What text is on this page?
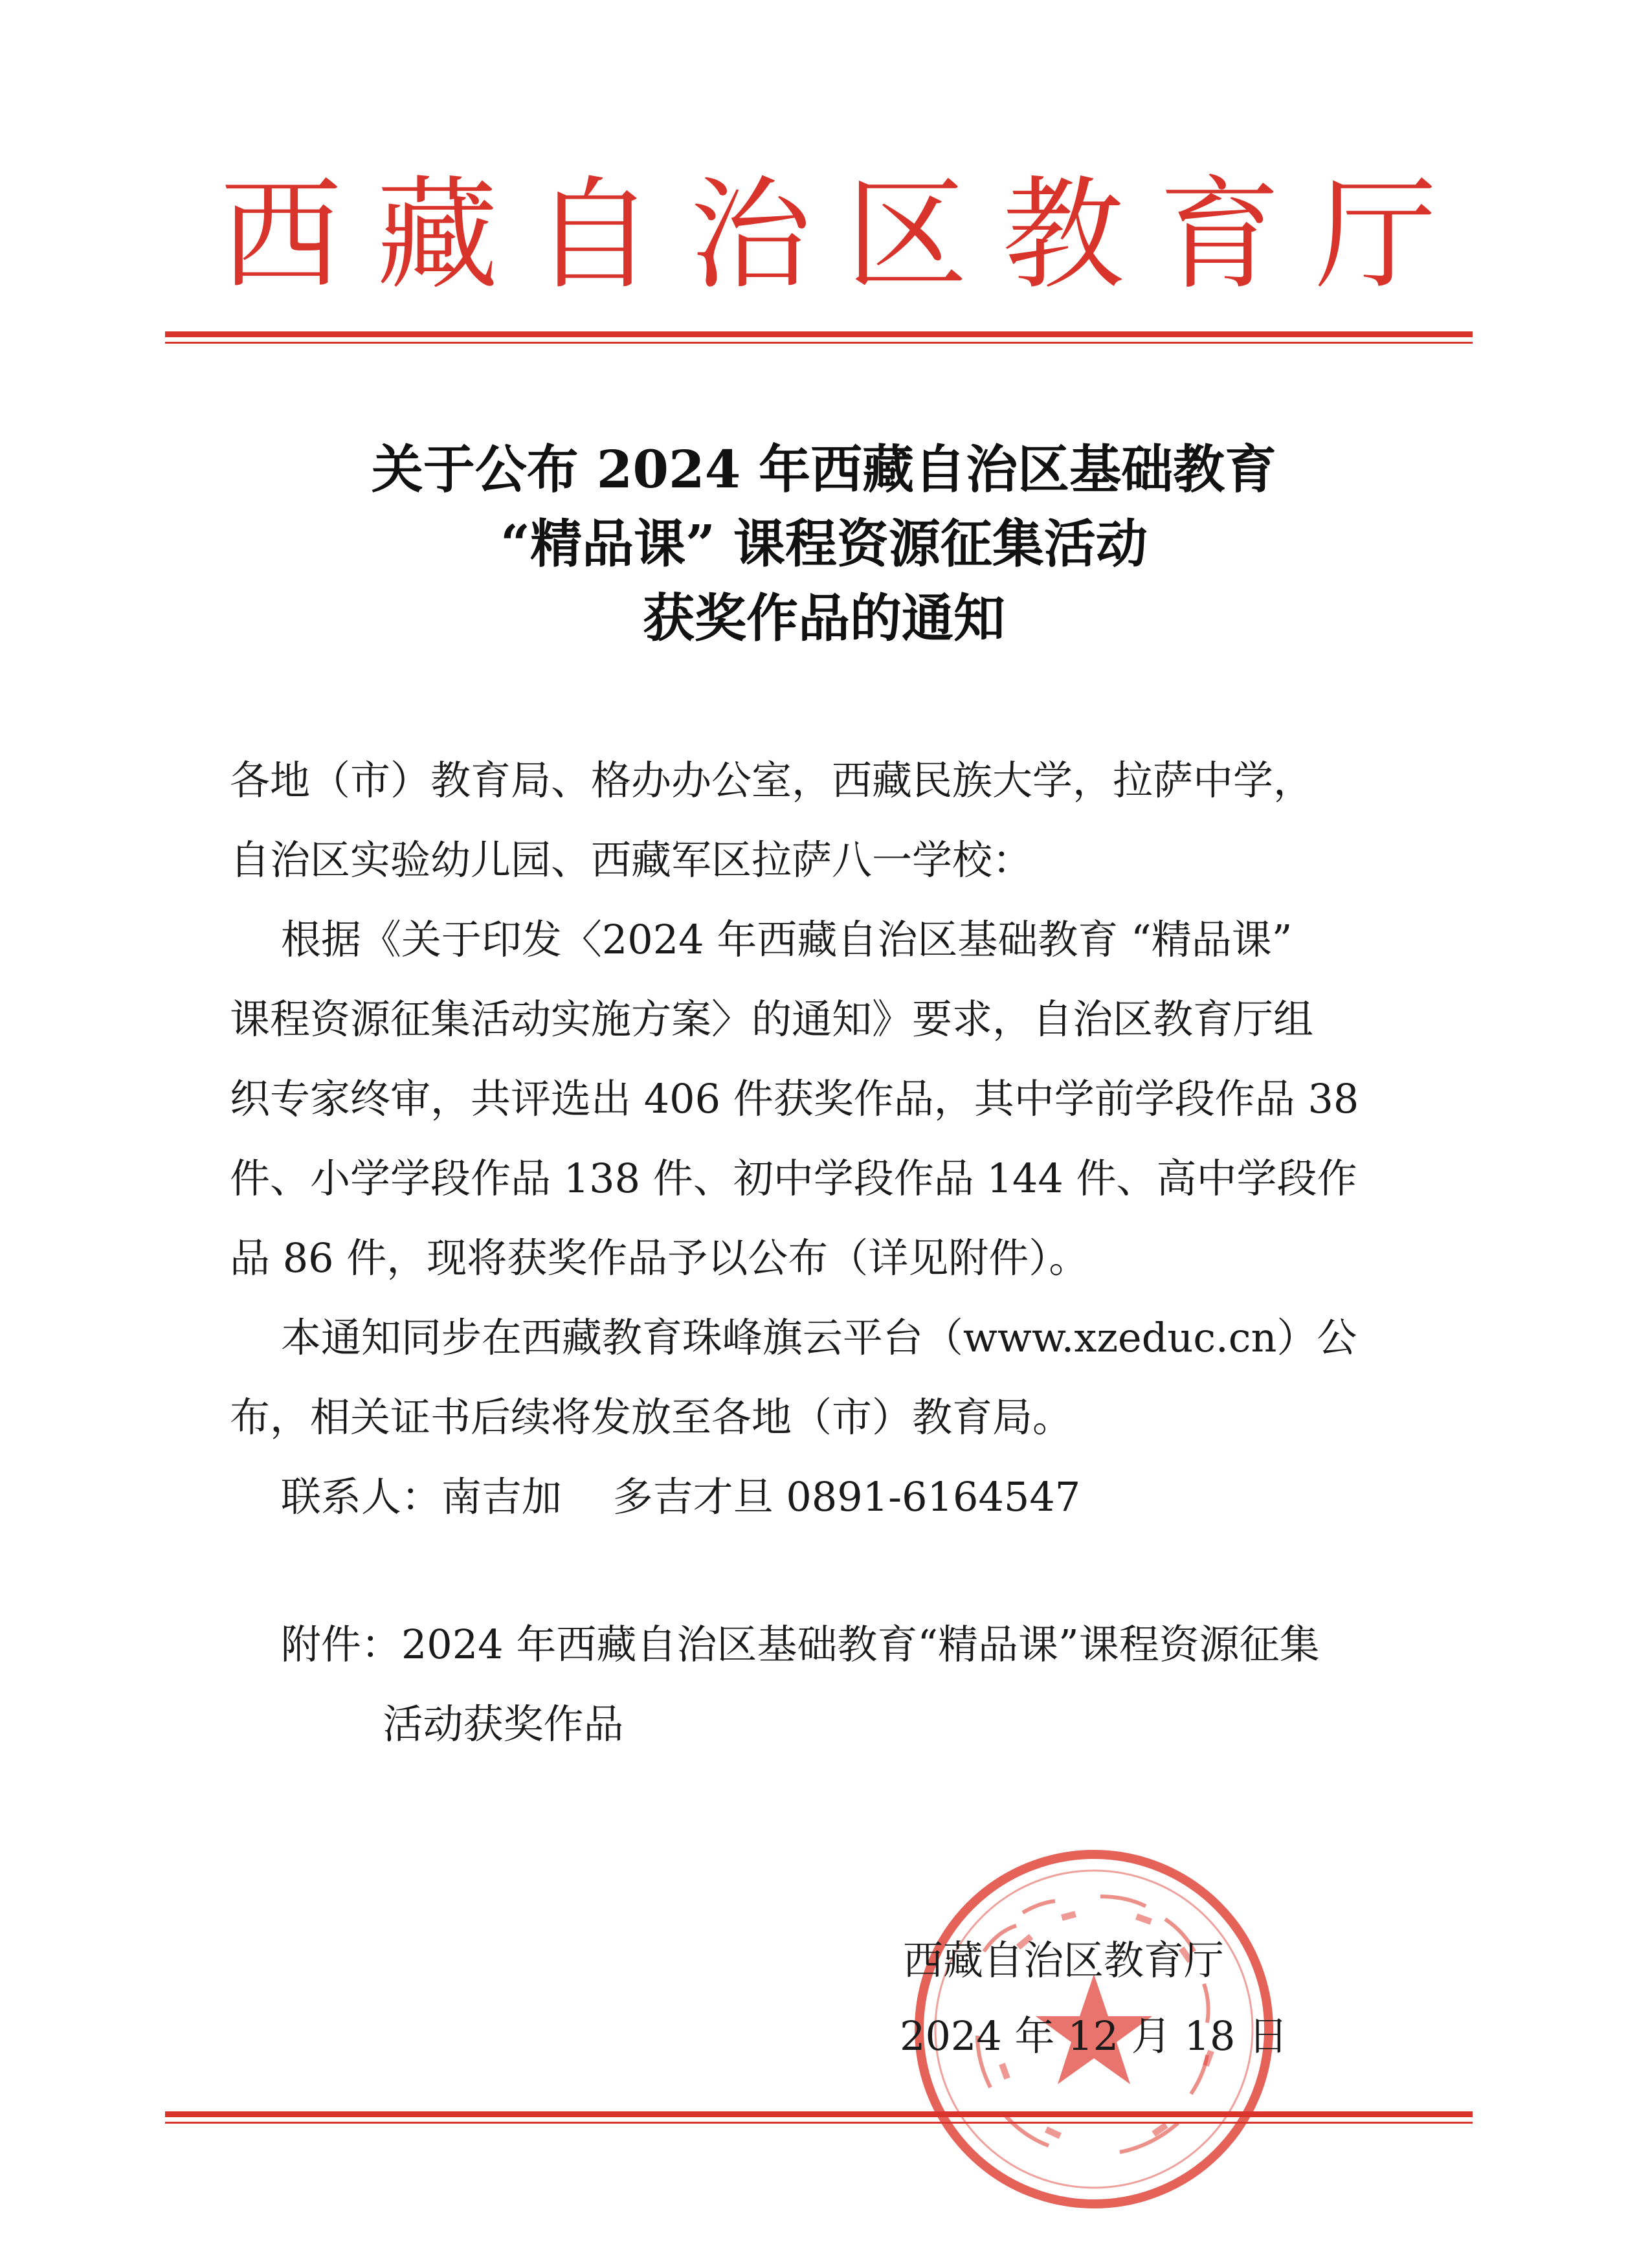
西 藏 自 治 区 教 育 厅
关于公布 2024 年西藏自治区基础教育
“精品课” 课程资源征集活动
获奖作品的通知
各地（市）教育局、格办办公室，西藏民族大学，拉萨中学，
自治区实验幼儿园、西藏军区拉萨八一学校：
根据《关于印发〈2024 年西藏自治区基础教育 “精品课”
课程资源征集活动实施方案〉的通知》要求，自治区教育厅组
织专家终审，共评选出 406 件获奖作品，其中学前学段作品 38
件、小学学段作品 138 件、初中学段作品 144 件、高中学段作
品 86 件，现将获奖作品予以公布（详见附件）。
本通知同步在西藏教育珠峰旗云平台（www.xzeduc.cn）公
布，相关证书后续将发放至各地（市）教育局。
联系人：南吉加    多吉才旦 0891-6164547
附件：2024 年西藏自治区基础教育“精品课”课程资源征集
活动获奖作品
西藏自治区教育厅
2024 年 12 月 18 日
